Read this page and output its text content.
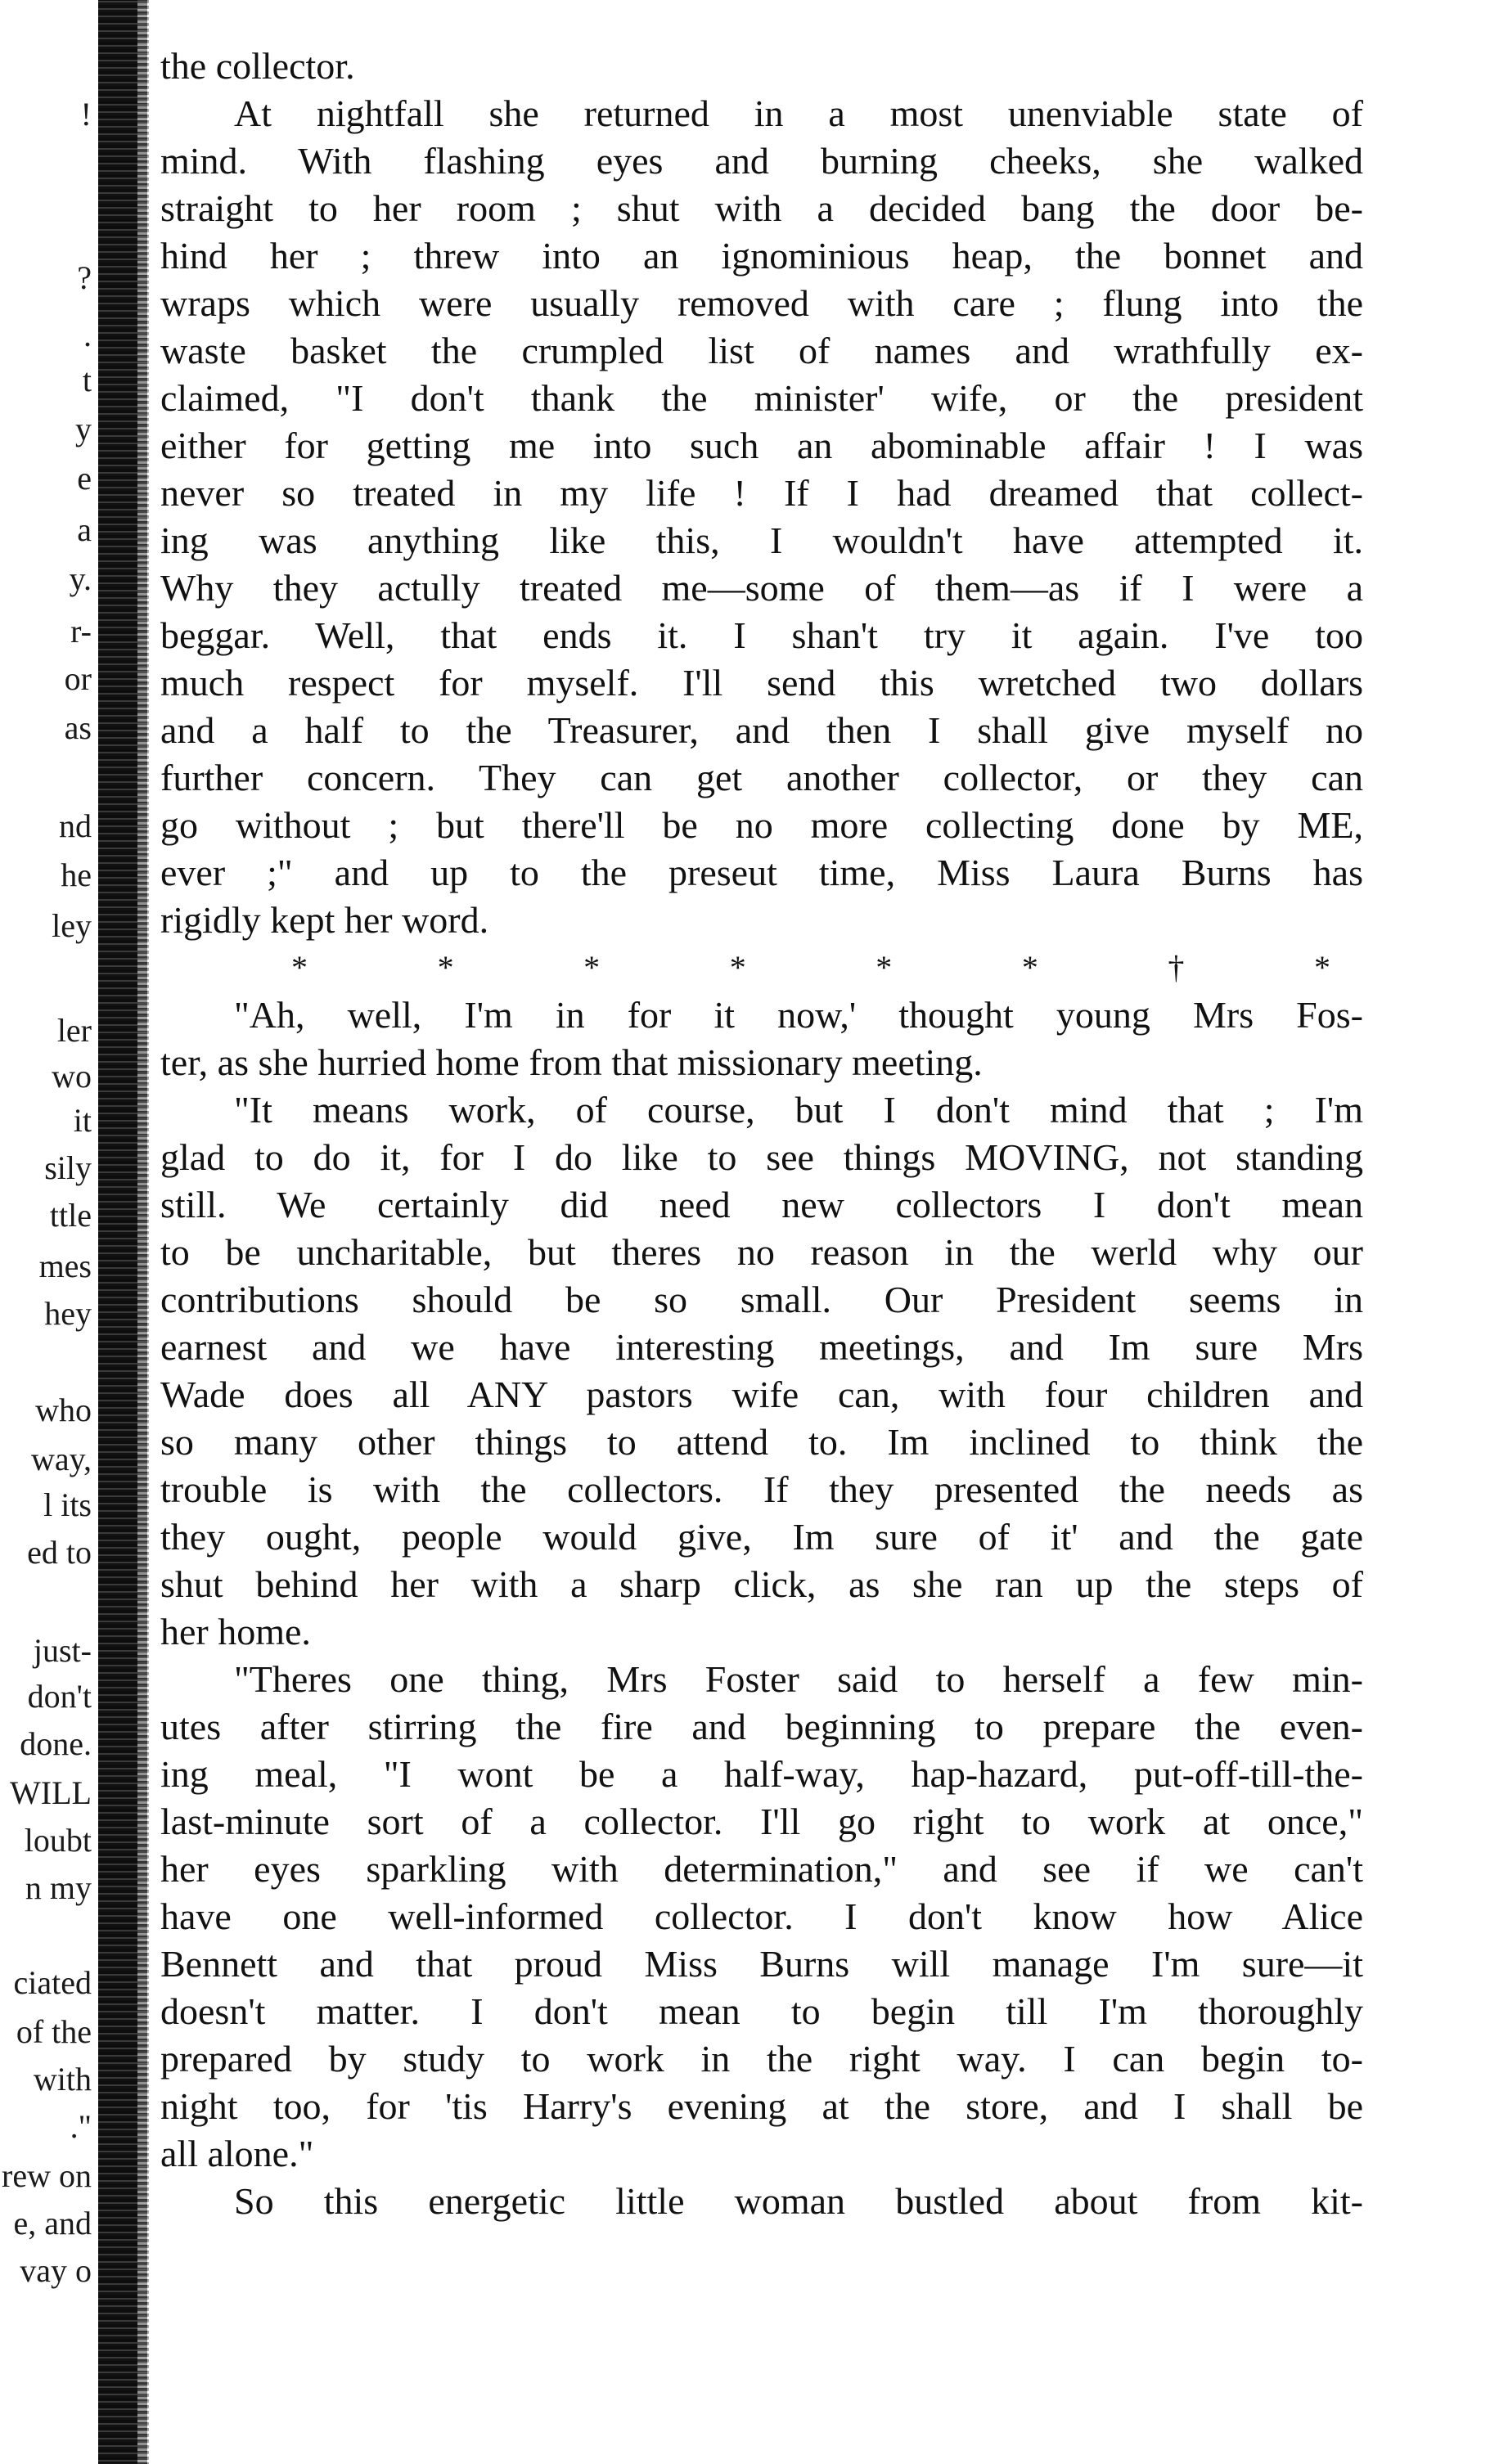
!
?
.
t
y
e
a
y.
r-
or
as
nd
he
ley
ler
wo
it
sily
ttle
mes
hey
who
way,
l its
ed to
just-
don't
done.
WILL
loubt
n my
ciated
of the
with
."
rew on
e, and
vay o
the collector.
At nightfall she returned in a most unenviable state of
mind. With flashing eyes and burning cheeks, she walked
straight to her room ; shut with a decided bang the door be-
hind her ; threw into an ignominious heap, the bonnet and
wraps which were usually removed with care ; flung into the
waste basket the crumpled list of names and wrathfully ex-
claimed, "I don't thank the minister' wife, or the president
either for getting me into such an abominable affair ! I was
never so treated in my life ! If I had dreamed that collect-
ing was anything like this, I wouldn't have attempted it.
Why they actully treated me—some of them—as if I were a
beggar. Well, that ends it. I shan't try it again. I've too
much respect for myself. I'll send this wretched two dollars
and a half to the Treasurer, and then I shall give myself no
further concern. They can get another collector, or they can
go without ; but there'll be no more collecting done by ME,
ever ;" and up to the preseut time, Miss Laura Burns has
rigidly kept her word.
*	*	*	*	*	*	†	*
"Ah, well, I'm in for it now,' thought young Mrs Fos-
ter, as she hurried home from that missionary meeting.
"It means work, of course, but I don't mind that ; I'm
glad to do it, for I do like to see things MOVING, not standing
still. We certainly did need new collectors I don't mean
to be uncharitable, but theres no reason in the werld why our
contributions should be so small. Our President seems in
earnest and we have interesting meetings, and Im sure Mrs
Wade does all ANY pastors wife can, with four children and
so many other things to attend to. Im inclined to think the
trouble is with the collectors. If they presented the needs as
they ought, people would give, Im sure of it' and the gate
shut behind her with a sharp click, as she ran up the steps of
her home.
"Theres one thing, Mrs Foster said to herself a few min-
utes after stirring the fire and beginning to prepare the even-
ing meal, "I wont be a half-way, hap-hazard, put-off-till-the-
last-minute sort of a collector. I'll go right to work at once,"
her eyes sparkling with determination," and see if we can't
have one well-informed collector. I don't know how Alice
Bennett and that proud Miss Burns will manage I'm sure—it
doesn't matter. I don't mean to begin till I'm thoroughly
prepared by study to work in the right way. I can begin to-
night too, for 'tis Harry's evening at the store, and I shall be
all alone."
So this energetic little woman bustled about from kit-
